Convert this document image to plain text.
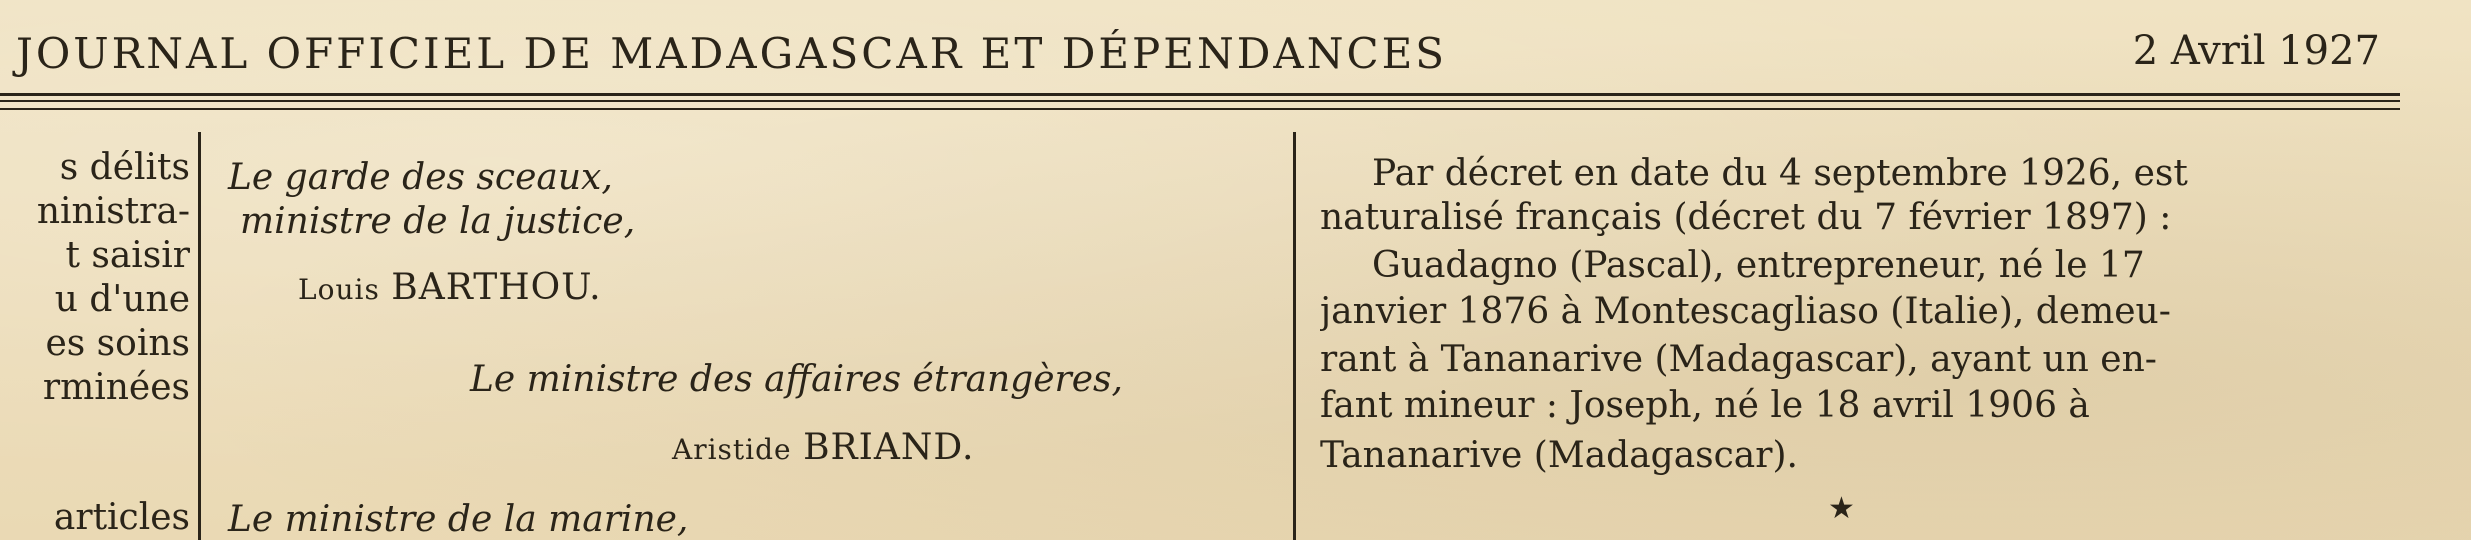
JOURNAL OFFICIEL DE MADAGASCAR ET DÉPENDANCES	2 Avril 1927
s délits
ninistra-
t saisir
u d'une
es soins
rminées
articles
Le garde des sceaux,
ministre de la justice,
Louis BARTHOU.
Le ministre des affaires étrangères,
Aristide BRIAND.
Le ministre de la marine,
Par décret en date du 4 septembre 1926, est
naturalisé français (décret du 7 février 1897) :
Guadagno (Pascal), entrepreneur, né le 17
janvier 1876 à Montescagliaso (Italie), demeu-
rant à Tananarive (Madagascar), ayant un en-
fant mineur : Joseph, né le 18 avril 1906 à
Tananarive (Madagascar).
★
